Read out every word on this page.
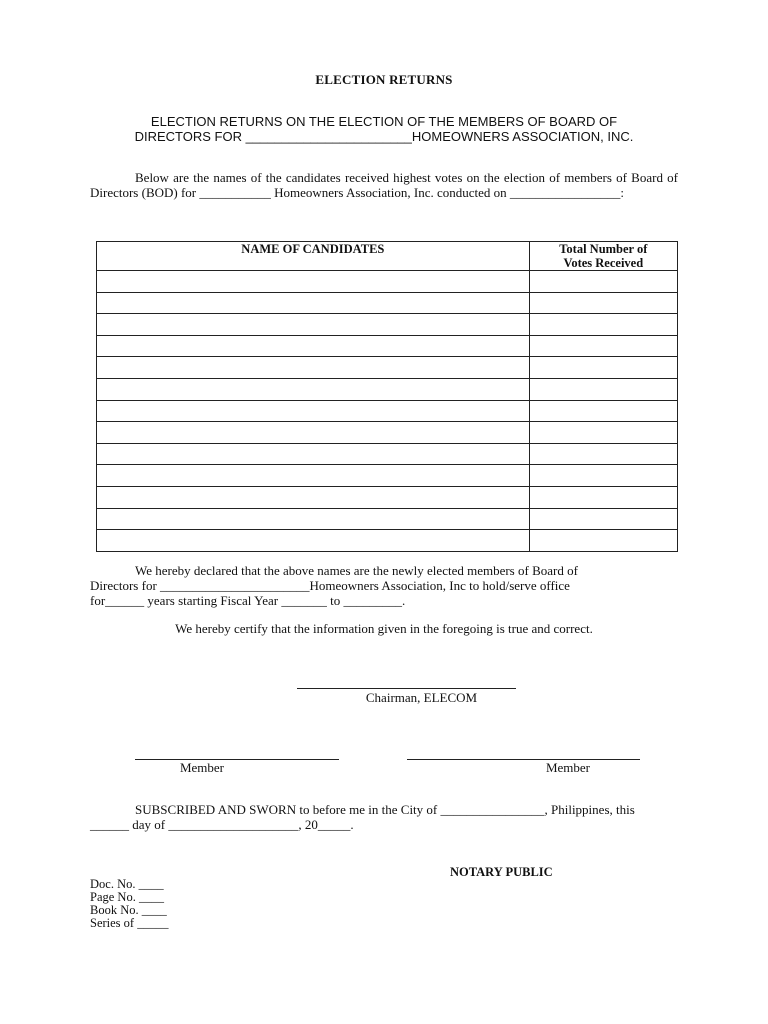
ELECTION RETURNS
ELECTION RETURNS ON THE ELECTION OF THE MEMBERS OF BOARD OF
DIRECTORS FOR _______________________HOMEOWNERS ASSOCIATION, INC.
Below are the names of the candidates received highest votes on the election of members of Board of Directors (BOD) for ___________ Homeowners Association, Inc. conducted on _________________:
NAME OF CANDIDATES	Total Number of
Votes Received

We hereby declared that the above names are the newly elected members of Board of
Directors for _______________________Homeowners Association, Inc to hold/serve office
for______ years starting Fiscal Year _______ to _________.
We hereby certify that the information given in the foregoing is true and correct.
Chairman, ELECOM
Member	Member
SUBSCRIBED AND SWORN to before me in the City of ________________, Philippines, this
______ day of ____________________, 20_____.
NOTARY PUBLIC
Doc. No. ____
Page No. ____
Book No. ____
Series of _____
